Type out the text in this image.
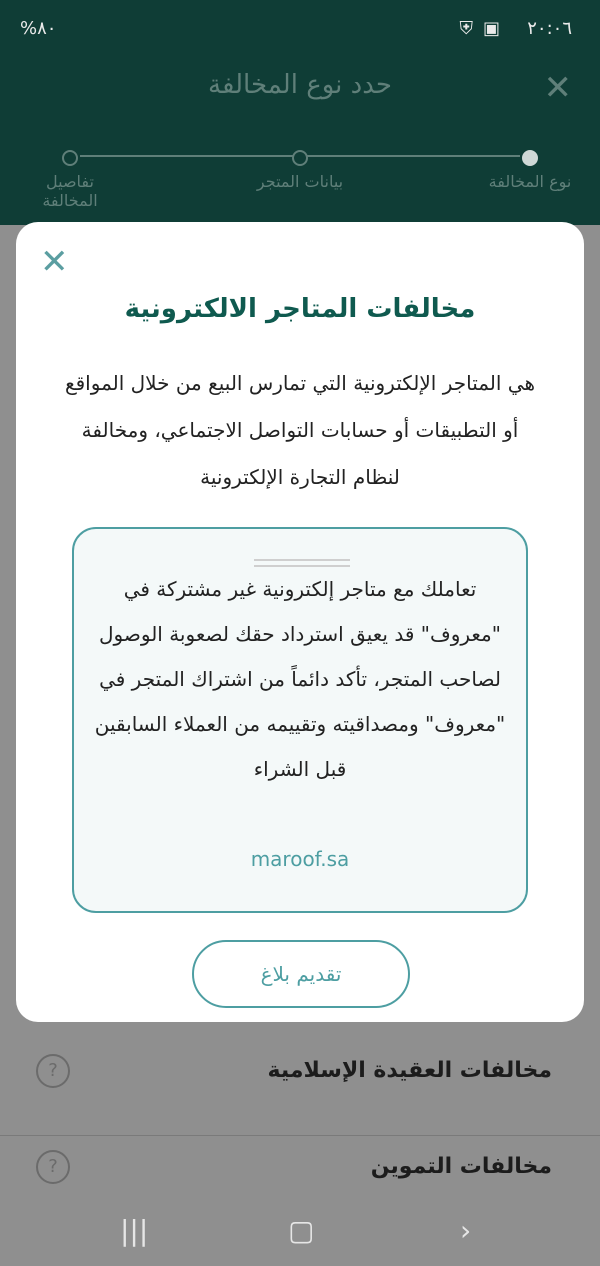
%٨٠	٢٠:٠٦
⛨ ▣
حدد نوع المخالفة	✕
نوع المخالفة
بيانات المتجر
تفاصيل المخالفة
مخالفات العقيدة الإسلامية
?
مخالفات التموين
?
|||	▢	›
✕
مخالفات المتاجر الالكترونية
هي المتاجر الإلكترونية التي تمارس البيع من خلال المواقع أو التطبيقات أو حسابات التواصل الاجتماعي، ومخالفة لنظام التجارة الإلكترونية
تعاملك مع متاجر إلكترونية غير مشتركة في "معروف" قد يعيق استرداد حقك لصعوبة الوصول لصاحب المتجر، تأكد دائماً من اشتراك المتجر في "معروف" ومصداقيته وتقييمه من العملاء السابقين قبل الشراء
maroof.sa
تقديم بلاغ
